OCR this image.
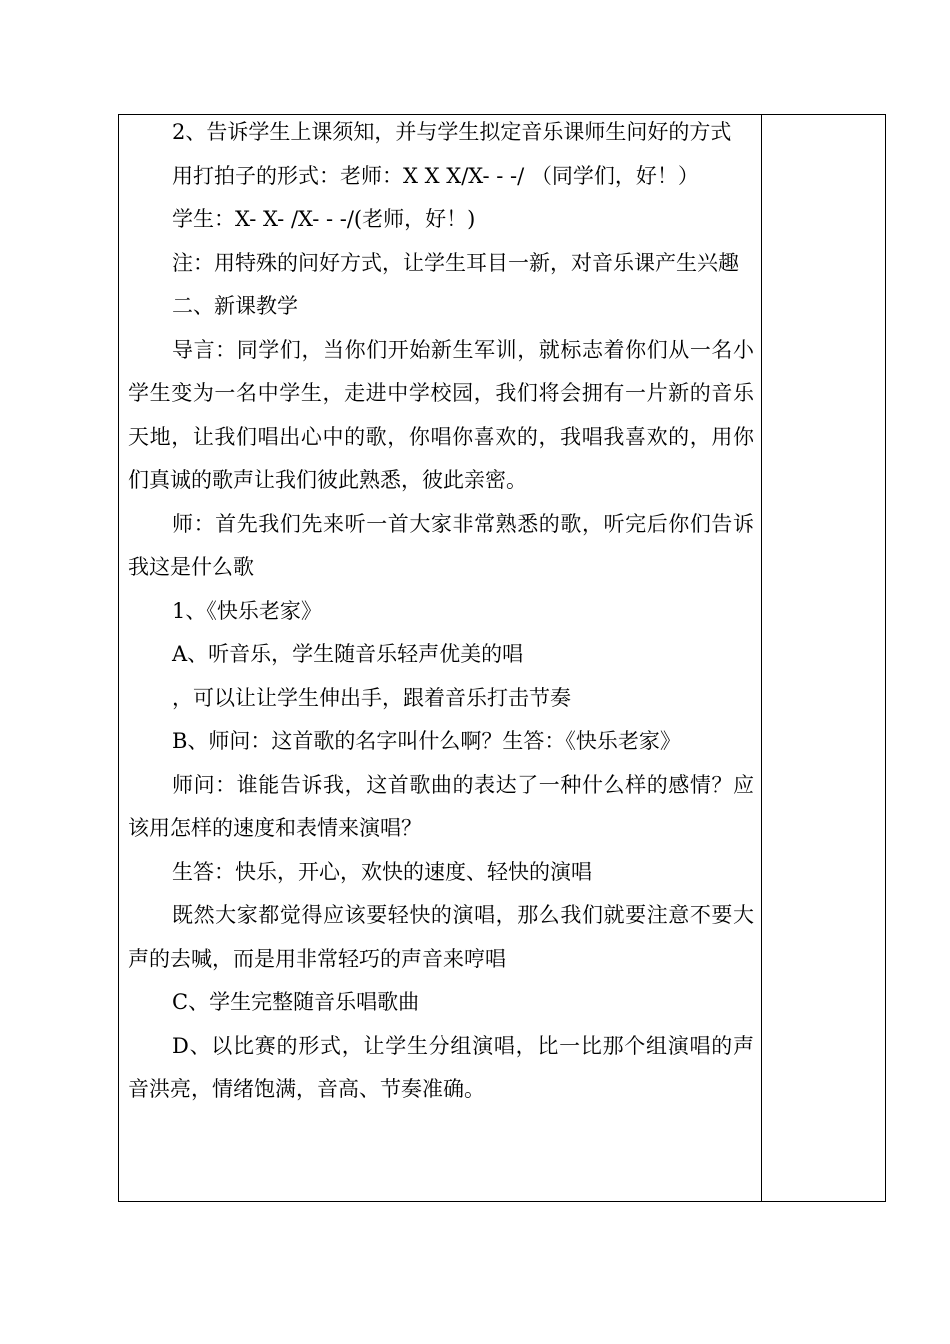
2、告诉学生上课须知，并与学生拟定音乐课师生问好的方式

用打拍子的形式：老师：X X X/X- - -/ （同学们，好！）

学生：X- X- /X- - -/(老师，好！)

注：用特殊的问好方式，让学生耳目一新，对音乐课产生兴趣

二、新课教学

导言：同学们，当你们开始新生军训，就标志着你们从一名小学生变为一名中学生，走进中学校园，我们将会拥有一片新的音乐天地，让我们唱出心中的歌，你唱你喜欢的，我唱我喜欢的，用你们真诚的歌声让我们彼此熟悉，彼此亲密。

师：首先我们先来听一首大家非常熟悉的歌，听完后你们告诉我这是什么歌

1、《快乐老家》

A、听音乐，学生随音乐轻声优美的唱

，可以让让学生伸出手，跟着音乐打击节奏

B、师问：这首歌的名字叫什么啊？生答：《快乐老家》

师问：谁能告诉我，这首歌曲的表达了一种什么样的感情？应该用怎样的速度和表情来演唱？

生答：快乐，开心，欢快的速度、轻快的演唱

既然大家都觉得应该要轻快的演唱，那么我们就要注意不要大声的去喊，而是用非常轻巧的声音来哼唱

C、学生完整随音乐唱歌曲

D、以比赛的形式，让学生分组演唱，比一比那个组演唱的声音洪亮，情绪饱满，音高、节奏准确。
